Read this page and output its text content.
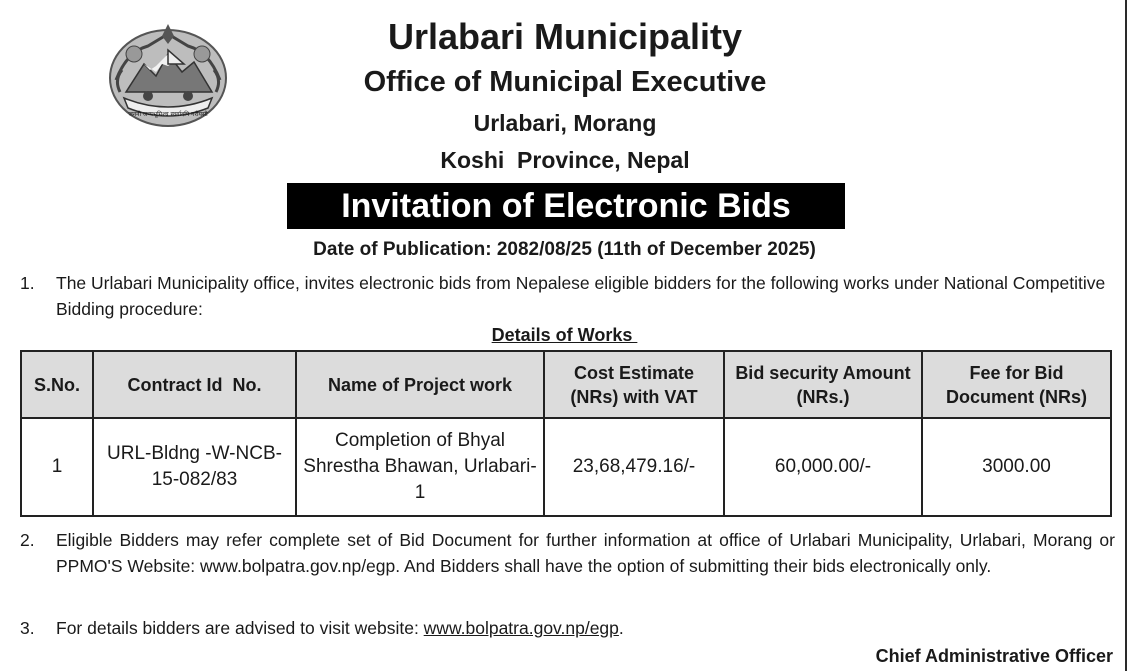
जननी जन्मभूमिश्च स्वर्गादपि गरीयसी
Urlabari Municipality
Office of Municipal Executive
Urlabari, Morang
Koshi  Province, Nepal
Invitation of Electronic Bids
Date of Publication: 2082/08/25 (11th of December 2025)
1. The Urlabari Municipality office, invites electronic bids from Nepalese eligible bidders for the following works under National Competitive Bidding procedure:
Details of Works
S.No.	Contract Id  No.	Name of Project work	Cost Estimate (NRs) with VAT	Bid security Amount (NRs.)	Fee for Bid Document (NRs)
1	URL-Bldng -W-NCB-15-082/83	Completion of Bhyal Shrestha Bhawan, Urlabari-1	23,68,479.16/-	60,000.00/-	3000.00
2. Eligible Bidders may refer complete set of Bid Document for further information at office of Urlabari Municipality, Urlabari, Morang or PPMO'S Website: www.bolpatra.gov.np/egp. And Bidders shall have the option of submitting their bids electronically only.
3. For details bidders are advised to visit website: www.bolpatra.gov.np/egp.
Chief Administrative Officer
